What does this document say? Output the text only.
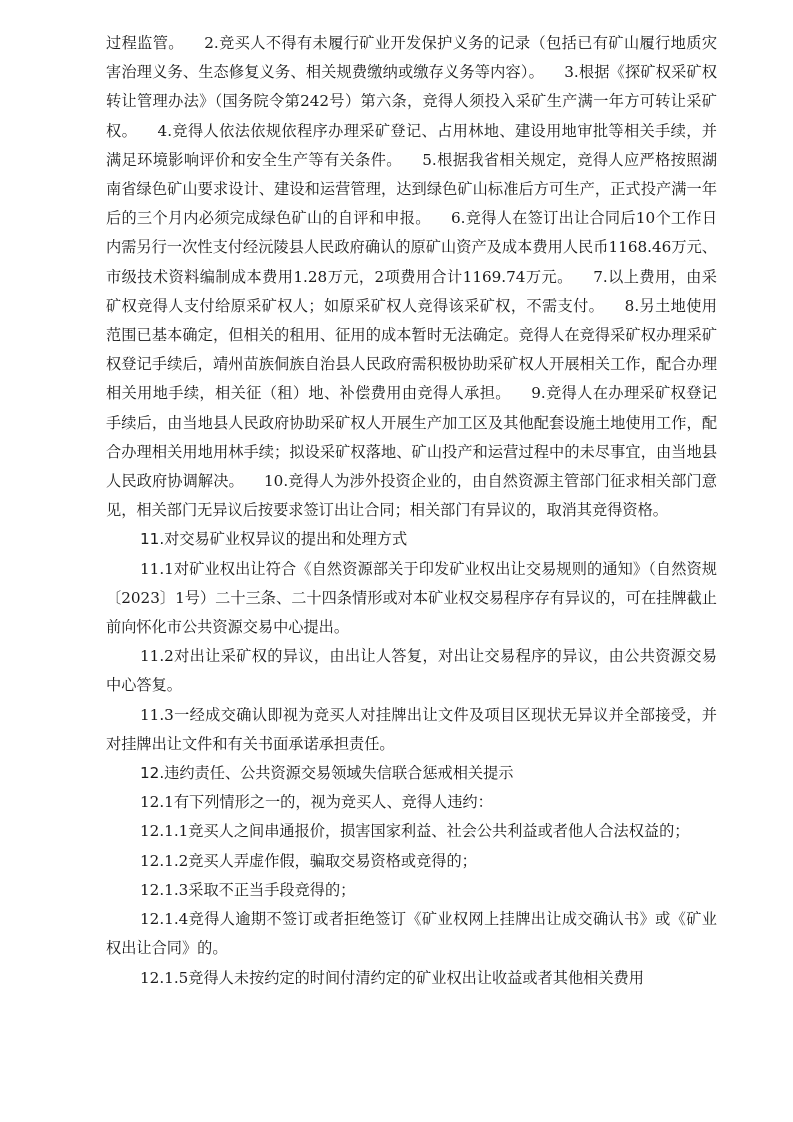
过程监管。  2.竞买人不得有未履行矿业开发保护义务的记录（包括已有矿山履行地质灾害治理义务、生态修复义务、相关规费缴纳或缴存义务等内容）。  3.根据《探矿权采矿权转让管理办法》（国务院令第242号）第六条，竞得人须投入采矿生产满一年方可转让采矿权。  4.竞得人依法依规依程序办理采矿登记、占用林地、建设用地审批等相关手续，并满足环境影响评价和安全生产等有关条件。  5.根据我省相关规定，竞得人应严格按照湖南省绿色矿山要求设计、建设和运营管理，达到绿色矿山标准后方可生产，正式投产满一年后的三个月内必须完成绿色矿山的自评和申报。  6.竞得人在签订出让合同后10个工作日内需另行一次性支付经沅陵县人民政府确认的原矿山资产及成本费用人民币1168.46万元、市级技术资料编制成本费用1.28万元，2项费用合计1169.74万元。  7.以上费用，由采矿权竞得人支付给原采矿权人；如原采矿权人竞得该采矿权，不需支付。  8.另土地使用范围已基本确定，但相关的租用、征用的成本暂时无法确定。竞得人在竞得采矿权办理采矿权登记手续后，靖州苗族侗族自治县人民政府需积极协助采矿权人开展相关工作，配合办理相关用地手续，相关征（租）地、补偿费用由竞得人承担。  9.竞得人在办理采矿权登记手续后，由当地县人民政府协助采矿权人开展生产加工区及其他配套设施土地使用工作，配合办理相关用地用林手续；拟设采矿权落地、矿山投产和运营过程中的未尽事宜，由当地县人民政府协调解决。  10.竞得人为涉外投资企业的，由自然资源主管部门征求相关部门意见，相关部门无异议后按要求签订出让合同；相关部门有异议的，取消其竞得资格。

11.对交易矿业权异议的提出和处理方式

11.1对矿业权出让符合《自然资源部关于印发矿业权出让交易规则的通知》（自然资规〔2023〕1号）二十三条、二十四条情形或对本矿业权交易程序存有异议的，可在挂牌截止前向怀化市公共资源交易中心提出。

11.2对出让采矿权的异议，由出让人答复，对出让交易程序的异议，由公共资源交易中心答复。

11.3一经成交确认即视为竞买人对挂牌出让文件及项目区现状无异议并全部接受，并对挂牌出让文件和有关书面承诺承担责任。

12.违约责任、公共资源交易领域失信联合惩戒相关提示

12.1有下列情形之一的，视为竞买人、竞得人违约：

12.1.1竞买人之间串通报价，损害国家利益、社会公共利益或者他人合法权益的；

12.1.2竞买人弄虚作假，骗取交易资格或竞得的；

12.1.3采取不正当手段竞得的；

12.1.4竞得人逾期不签订或者拒绝签订《矿业权网上挂牌出让成交确认书》或《矿业权出让合同》的。

12.1.5竞得人未按约定的时间付清约定的矿业权出让收益或者其他相关费用
